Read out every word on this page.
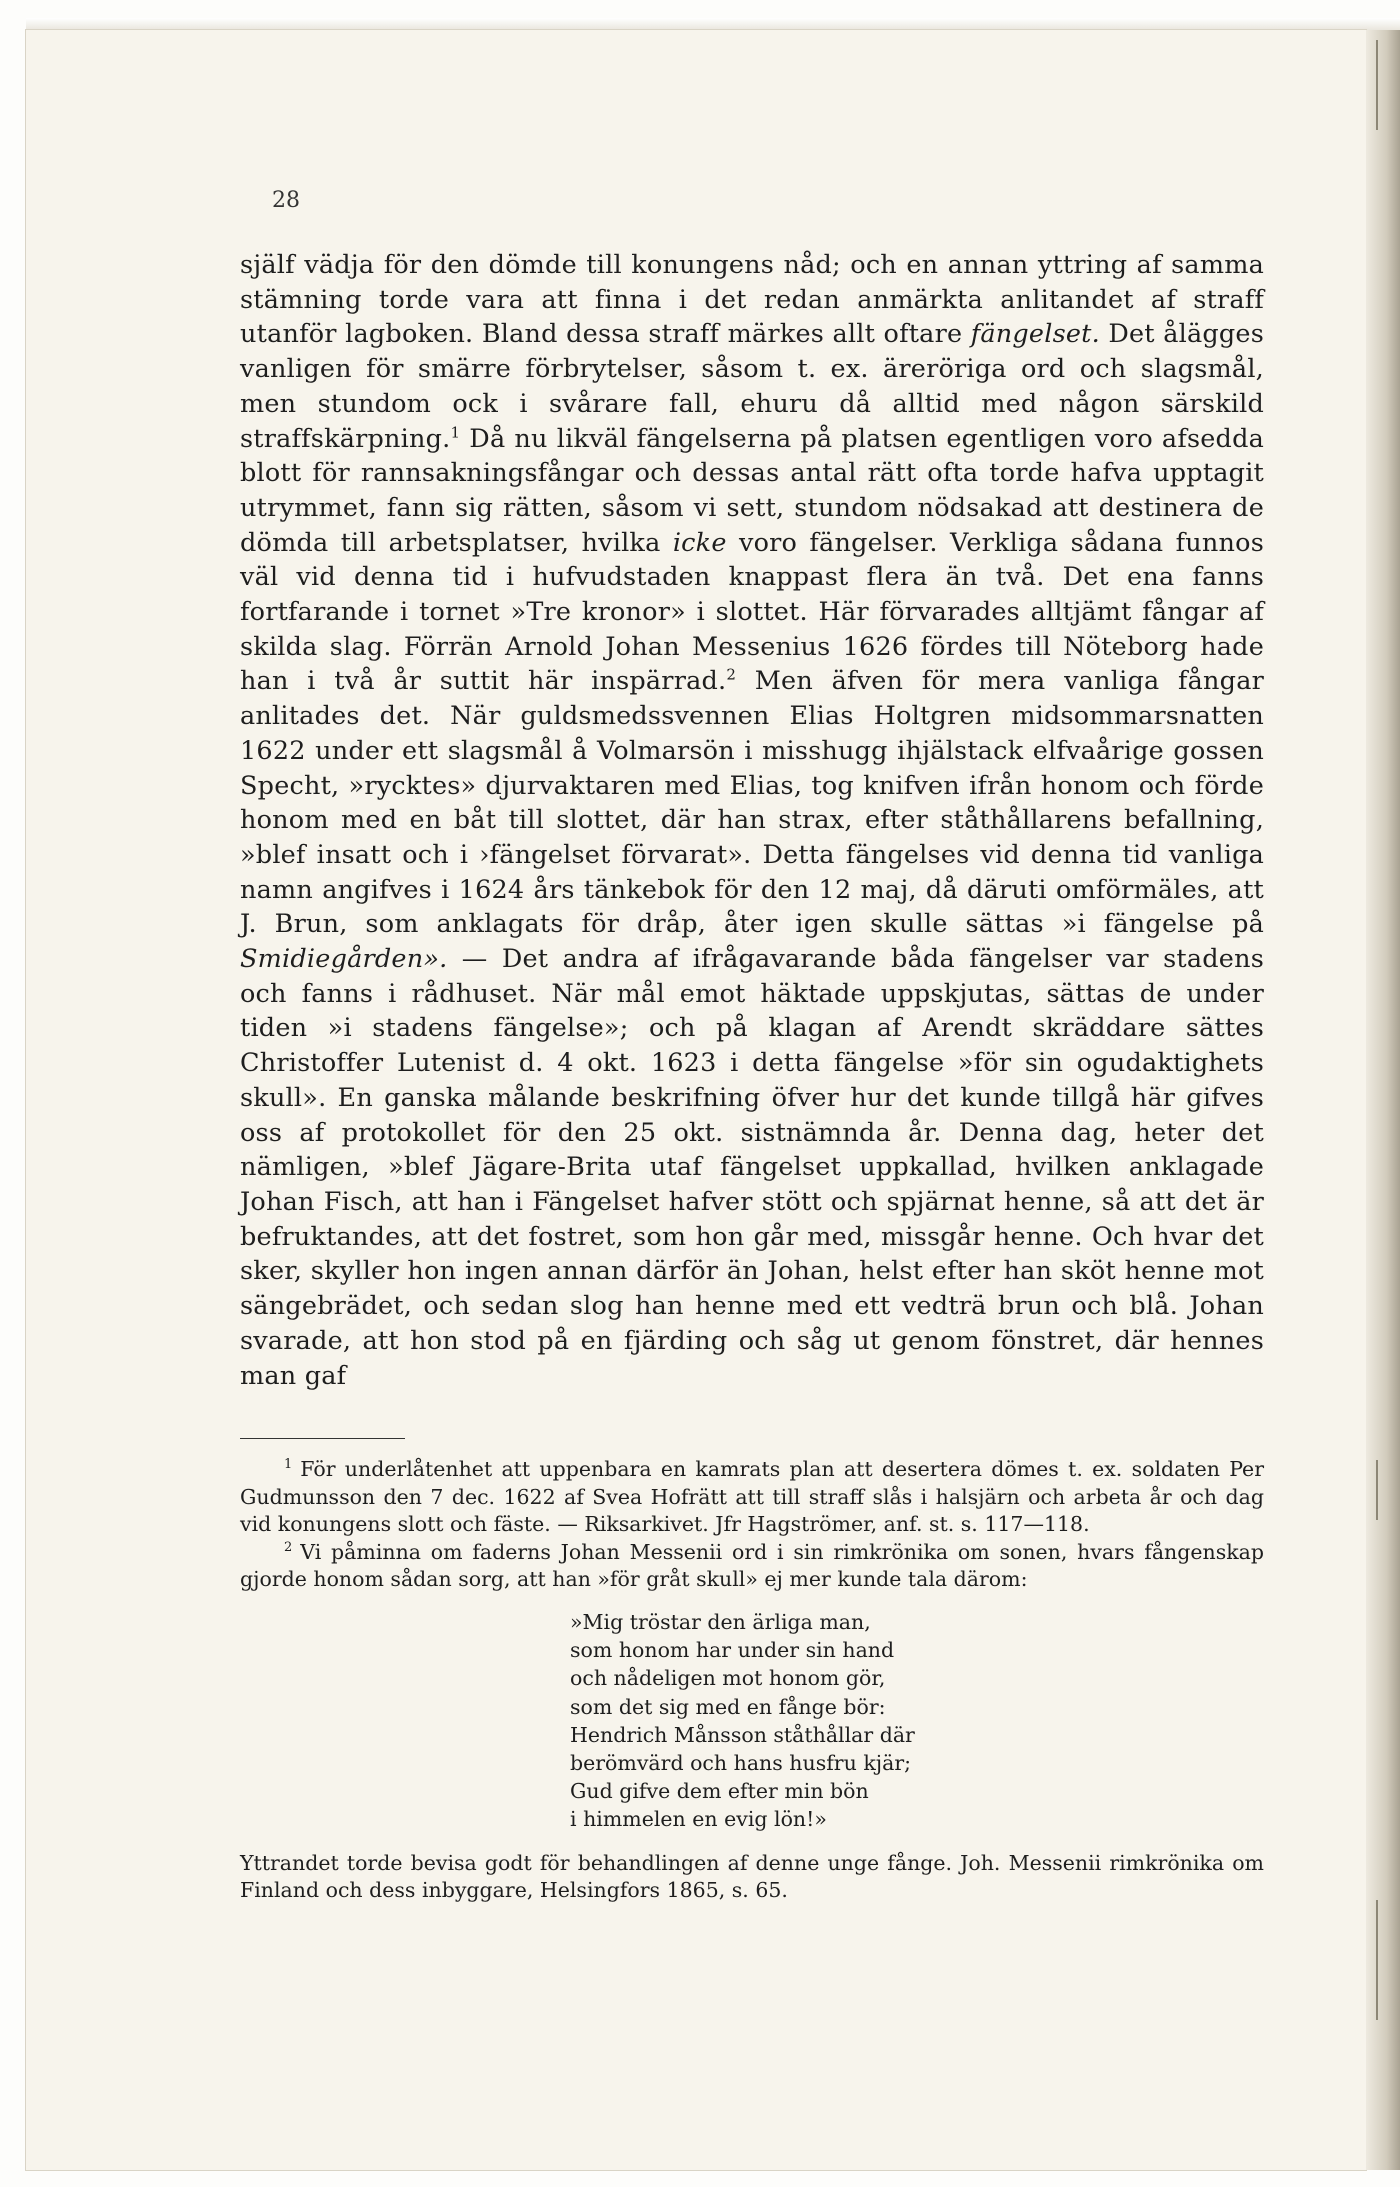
28

själf vädja för den dömde till konungens nåd; och en annan yttring af samma stämning torde vara att finna i det redan anmärkta anlitandet af straff utanför lagboken. Bland dessa straff märkes allt oftare fängelset. Det ålägges vanligen för smärre förbrytelser, såsom t. ex. ärerörigа ord och slagsmål, men stundom ock i svårare fall, ehuru då alltid med någon särskild straffskärpning.$^1$ Då nu likväl fängelserna på platsen egentligen voro afsedda blott för rannsakningsfångar och dessas antal rätt ofta torde hafva upptagit utrymmet, fann sig rätten, såsom vi sett, stundom nödsakad att destinera de dömda till arbetsplatser, hvilka icke voro fängelser. Verkliga sådana funnos väl vid denna tid i hufvudstaden knappast flera än två. Det ena fanns fortfarande i tornet »Tre kronor» i slottet. Här förvarades alltjämt fångar af skilda slag. Förrän Arnold Johan Messenius 1626 fördes till Nöteborg hade han i två år suttit här inspärrad.$^2$ Men äfven för mera vanliga fångar anlitades det. När guldsmedssvennen Elias Holtgren midsommarsnatten 1622 under ett slagsmål å Volmarsön i misshugg ihjälstack elfvaårige gossen Specht, »rycktes» djurvaktaren med Elias, tog knifven ifrån honom och förde honom med en båt till slottet, där han strax, efter ståthållarens befallning, »blef insatt och i ›fängelset förvarat». Detta fängelses vid denna tid vanliga namn angifves i 1624 års tänkebok för den 12 maj, då däruti omförmäles, att J. Brun, som anklagats för dråp, åter igen skulle sättas »i fängelse på Smidiegården». — Det andra af ifrågavarande båda fängelser var stadens och fanns i rådhuset. När mål emot häktade uppskjutas, sättas de under tiden »i stadens fängelse»; och på klagan af Arendt skräddare sättes Christoffer Lutenist d. 4 okt. 1623 i detta fängelse »för sin ogudaktighets skull». En ganska målande beskrifning öfver hur det kunde tillgå här gifves oss af protokollet för den 25 okt. sistnämnda år. Denna dag, heter det nämligen, »blef Jägare-Brita utaf fängelset uppkallad, hvilken anklagade Johan Fisch, att han i Fängelset hafver stött och spjärnat henne, så att det är befruktandes, att det fostret, som hon går med, missgår henne. Och hvar det sker, skyller hon ingen annan därför än Johan, helst efter han sköt henne mot sängebrädet, och sedan slog han henne med ett vedträ brun och blå. Johan svarade, att hon stod på en fjärding och såg ut genom fönstret, där hennes man gaf

$^1$ För underlåtenhet att uppenbara en kamrats plan att desertera dömes t. ex. soldaten Per Gudmunsson den 7 dec. 1622 af Svea Hofrätt att till straff slås i halsjärn och arbeta år och dag vid konungens slott och fäste. — Riksarkivet. Jfr Hagströmer, anf. st. s. 117—118.

$^2$ Vi påminna om faderns Johan Messenii ord i sin rimkrönika om sonen, hvars fångenskap gjorde honom sådan sorg, att han »för gråt skull» ej mer kunde tala därom:

»Mig tröstar den ärliga man,
som honom har under sin hand
och nådeligen mot honom gör,
som det sig med en fånge bör:
Hendrich Månsson ståthållar där
berömvärd och hans husfru kjär;
Gud gifve dem efter min bön
i himmelen en evig lön!»

Yttrandet torde bevisa godt för behandlingen af denne unge fånge. Joh. Messenii rimkrönika om Finland och dess inbyggare, Helsingfors 1865, s. 65.
